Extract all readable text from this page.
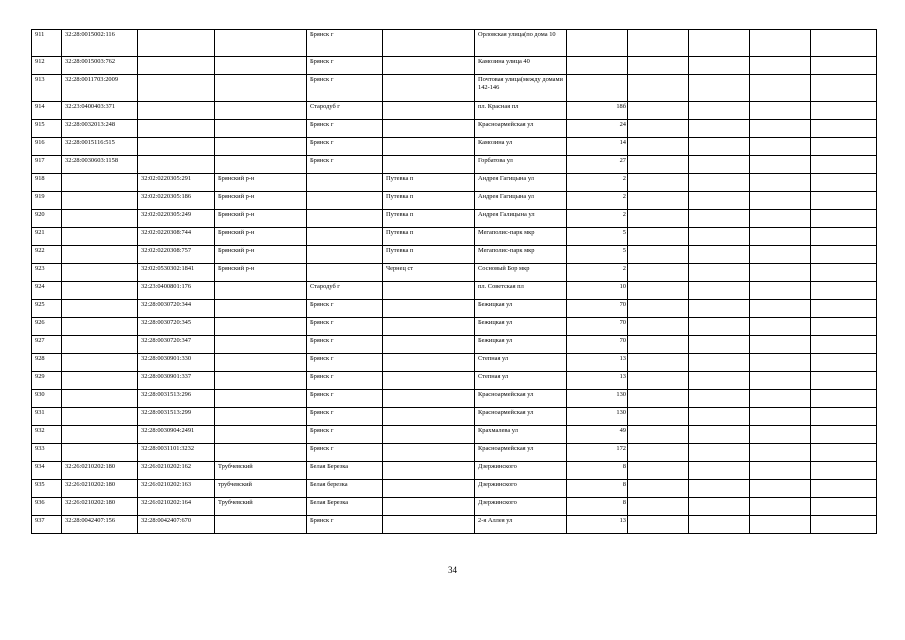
911	32:28:0015002:116			Брянск г		Орловская улица(по дома 10					
912	32:28:0015003:762			Брянск г		Камозина улица 40					
913	32:28:0011703:2009			Брянск г		Почтовая улица(между домами 142-146					
914	32:23:0400403:371			Стародуб г		пл. Красная пл	18б				
915	32:28:0032013:248			Брянск г		Красноармейская ул	24				
916	32:28:0015116:515			Брянск г		Камозина ул	14				
917	32:28:0030603:1158			Брянск г		Горбатова ул	27				
918		32:02:0220305:291	Брянский р-н		Путевка п	Андрея Гагицына ул	2				
919		32:02:0220305:186	Брянский р-н		Путевка п	Андрея Гагицына ул	2				
920		32:02:0220305:249	Брянский р-н		Путевка п	Андрея Галицына ул	2				
921		32:02:0220308:744	Брянский р-н		Путевка п	Мегаполис-парк мкр	5				
922		32:02:0220308:757	Брянский р-н		Путевка п	Мегаполис-парк мкр	5				
923		32:02:0530302:1841	Брянский р-н		Чернец ст	Сосновый Бор мкр	2				
924		32:23:0400801:176		Стародуб г		пл. Советская пл	10				
925		32:28:0030720:344		Брянск г		Бежицкая ул	70				
926		32:28:0030720:345		Брянск г		Бежицкая ул	70				
927		32:28:0030720:347		Брянск г		Бежицкая ул	70				
928		32:28:0030901:330		Брянск г		Степная ул	13				
929		32:28:0030901:337		Брянск г		Степная ул	13				
930		32:28:0031513:296		Брянск г		Красноармейская ул	130				
931		32:28:0031513:299		Брянск г		Красноармейская ул	130				
932		32:28:0030904:2491		Брянск г		Крахмалева ул	49				
933		32:28:0031101:3232		Брянск г		Красноармейская ул	172				
934	32:26:0210202:180	32:26:0210202:162	Трубчевский	Белая Березка		Дзержинского	8				
935	32:26:0210202:180	32:26:0210202:163	трубчевский	Белая березка		Дзержинского	8				
936	32:26:0210202:180	32:26:0210202:164	Трубчевский	Белая Березка		Дзержинского	8				
937	32:28:0042407:156	32:28:0042407:670		Брянск г		2-я Аллея ул	13				
34
